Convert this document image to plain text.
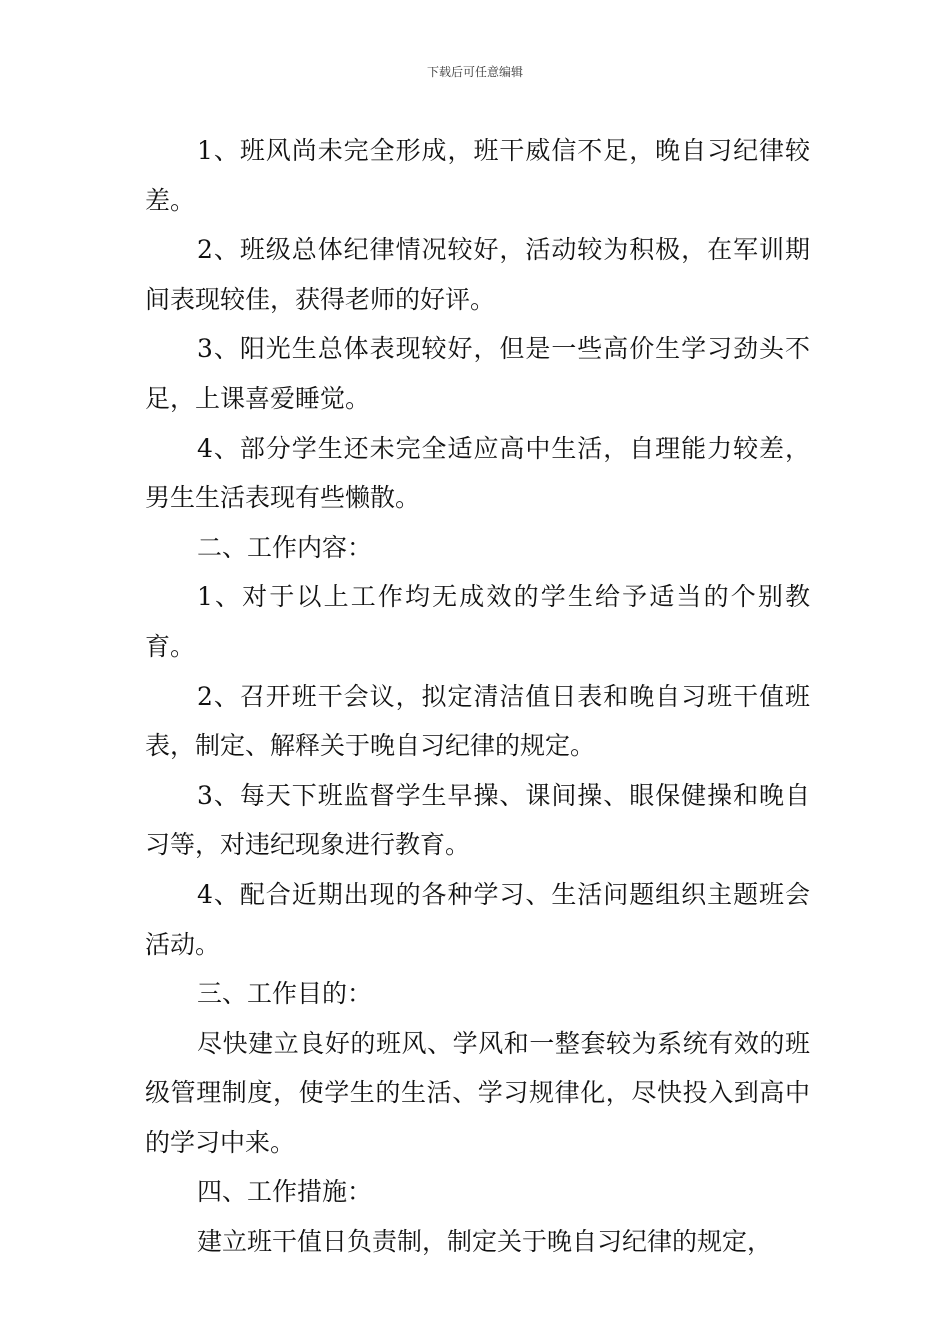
下载后可任意编辑

1、班风尚未完全形成，班干威信不足，晚自习纪律较差。

2、班级总体纪律情况较好，活动较为积极，在军训期间表现较佳，获得老师的好评。

3、阳光生总体表现较好，但是一些高价生学习劲头不足，上课喜爱睡觉。

4、部分学生还未完全适应高中生活，自理能力较差，男生生活表现有些懒散。

二、工作内容：

1、对于以上工作均无成效的学生给予适当的个别教育。

2、召开班干会议，拟定清洁值日表和晚自习班干值班表，制定、解释关于晚自习纪律的规定。

3、每天下班监督学生早操、课间操、眼保健操和晚自习等，对违纪现象进行教育。

4、配合近期出现的各种学习、生活问题组织主题班会活动。

三、工作目的：

尽快建立良好的班风、学风和一整套较为系统有效的班级管理制度，使学生的生活、学习规律化，尽快投入到高中的学习中来。

四、工作措施：

建立班干值日负责制，制定关于晚自习纪律的规定，
